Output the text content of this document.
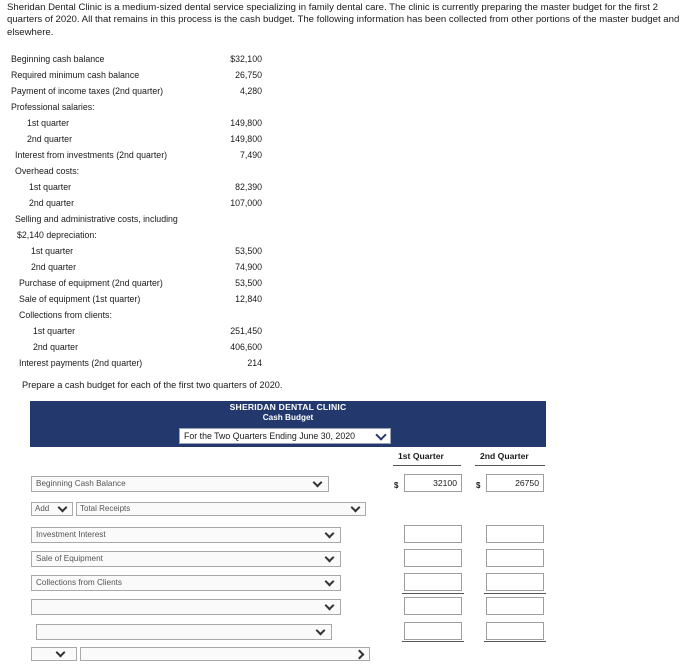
Sheridan Dental Clinic is a medium-sized dental service specializing in family dental care. The clinic is currently preparing the master budget for the first 2 quarters of 2020. All that remains in this process is the cash budget. The following information has been collected from other portions of the master budget and elsewhere.
Beginning cash balance	$32,100
Required minimum cash balance	26,750
Payment of income taxes (2nd quarter)	4,280
Professional salaries:
1st quarter	149,800
2nd quarter	149,800
Interest from investments (2nd quarter)	7,490
Overhead costs:
1st quarter	82,390
2nd quarter	107,000
Selling and administrative costs, including
$2,140 depreciation:
1st quarter	53,500
2nd quarter	74,900
Purchase of equipment (2nd quarter)	53,500
Sale of equipment (1st quarter)	12,840
Collections from clients:
1st quarter	251,450
2nd quarter	406,600
Interest payments (2nd quarter)	214
Prepare a cash budget for each of the first two quarters of 2020.
SHERIDAN DENTAL CLINIC
Cash Budget
For the Two Quarters Ending June 30, 2020
1st Quarter	2nd Quarter
Beginning Cash Balance	$	32100	$	26750
Add	Total Receipts
Investment Interest
Sale of Equipment
Collections from Clients
